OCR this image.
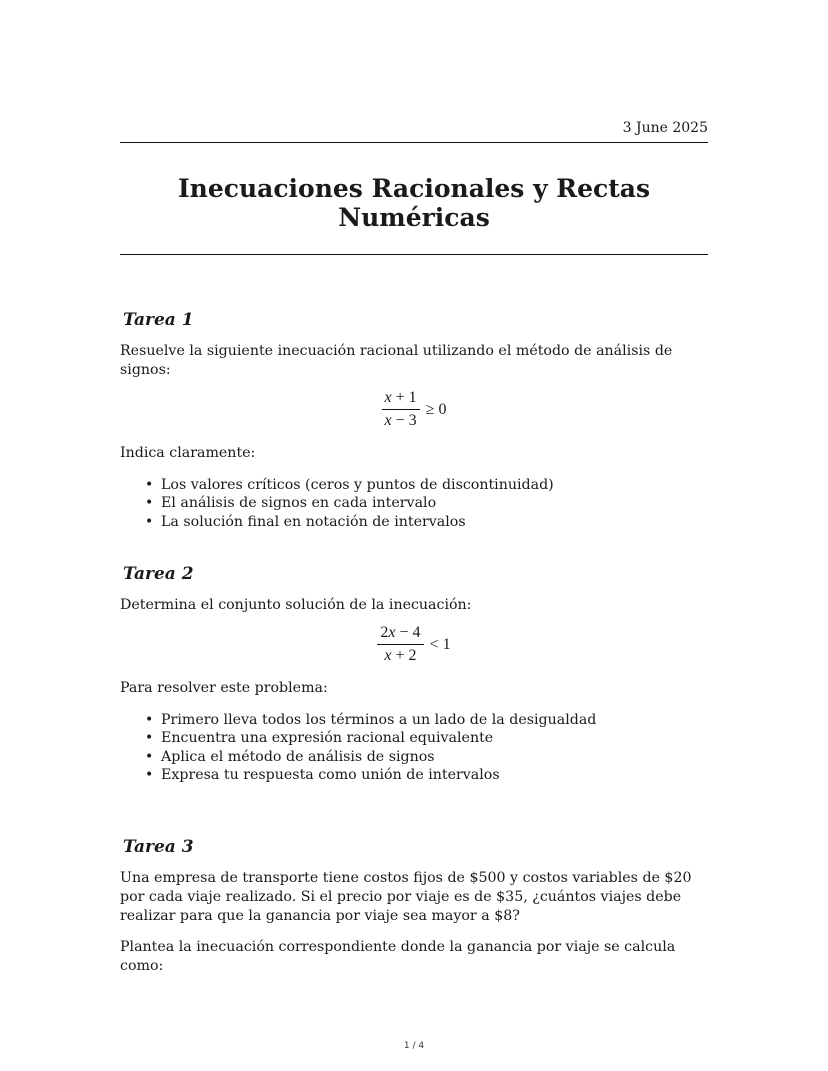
3 June 2025
Inecuaciones Racionales y Rectas Numéricas
Tarea 1

Resuelve la siguiente inecuación racional utilizando el método de análisis de signos:

$\frac{x + 1}{x - 3} \ge 0$

Indica claramente:

• Los valores críticos (ceros y puntos de discontinuidad)
• El análisis de signos en cada intervalo
• La solución final en notación de intervalos
Tarea 2

Determina el conjunto solución de la inecuación:

$\frac{2x - 4}{x + 2} < 1$

Para resolver este problema:

• Primero lleva todos los términos a un lado de la desigualdad
• Encuentra una expresión racional equivalente
• Aplica el método de análisis de signos
• Expresa tu respuesta como unión de intervalos
Tarea 3

Una empresa de transporte tiene costos fijos de $500 y costos variables de $20 por cada viaje realizado. Si el precio por viaje es de $35, ¿cuántos viajes debe realizar para que la ganancia por viaje sea mayor a $8?

Plantea la inecuación correspondiente donde la ganancia por viaje se calcula como:

1 / 4
